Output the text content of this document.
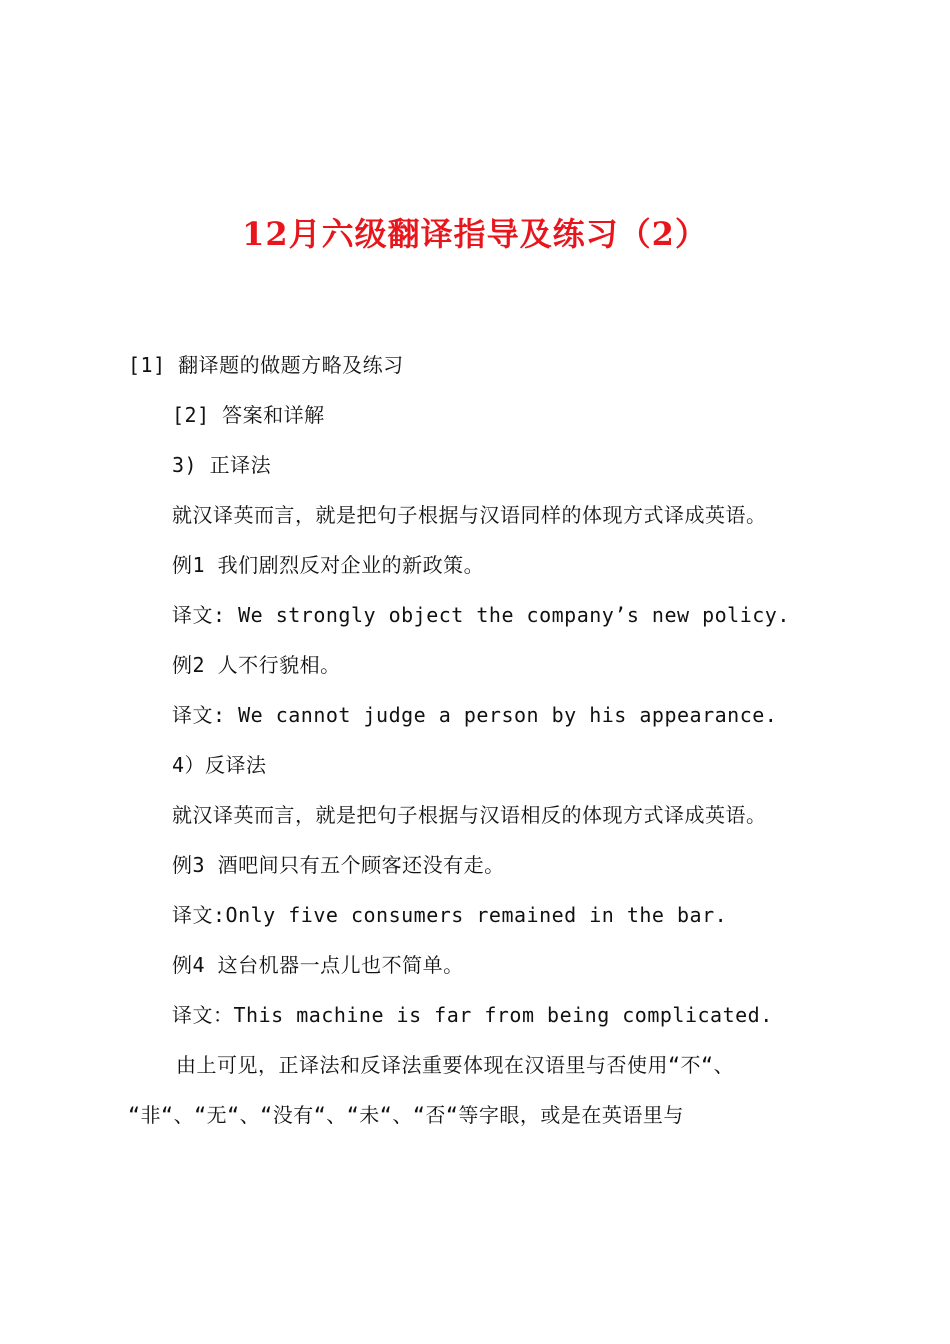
12月六级翻译指导及练习（2）
[1] 翻译题的做题方略及练习
[2] 答案和详解
3) 正译法
就汉译英而言，就是把句子根据与汉语同样的体现方式译成英语。
例1 我们剧烈反对企业的新政策。
译文: We strongly object the company’s new policy.
例2 人不行貌相。
译文: We cannot judge a person by his appearance.
4）反译法
就汉译英而言，就是把句子根据与汉语相反的体现方式译成英语。
例3 酒吧间只有五个顾客还没有走。
译文:Only five consumers remained in the bar.
例4 这台机器一点儿也不简单。
译文：This machine is far from being complicated.
由上可见，正译法和反译法重要体现在汉语里与否使用“不“、
“非“、“无“、“没有“、“未“、“否“等字眼，或是在英语里与
